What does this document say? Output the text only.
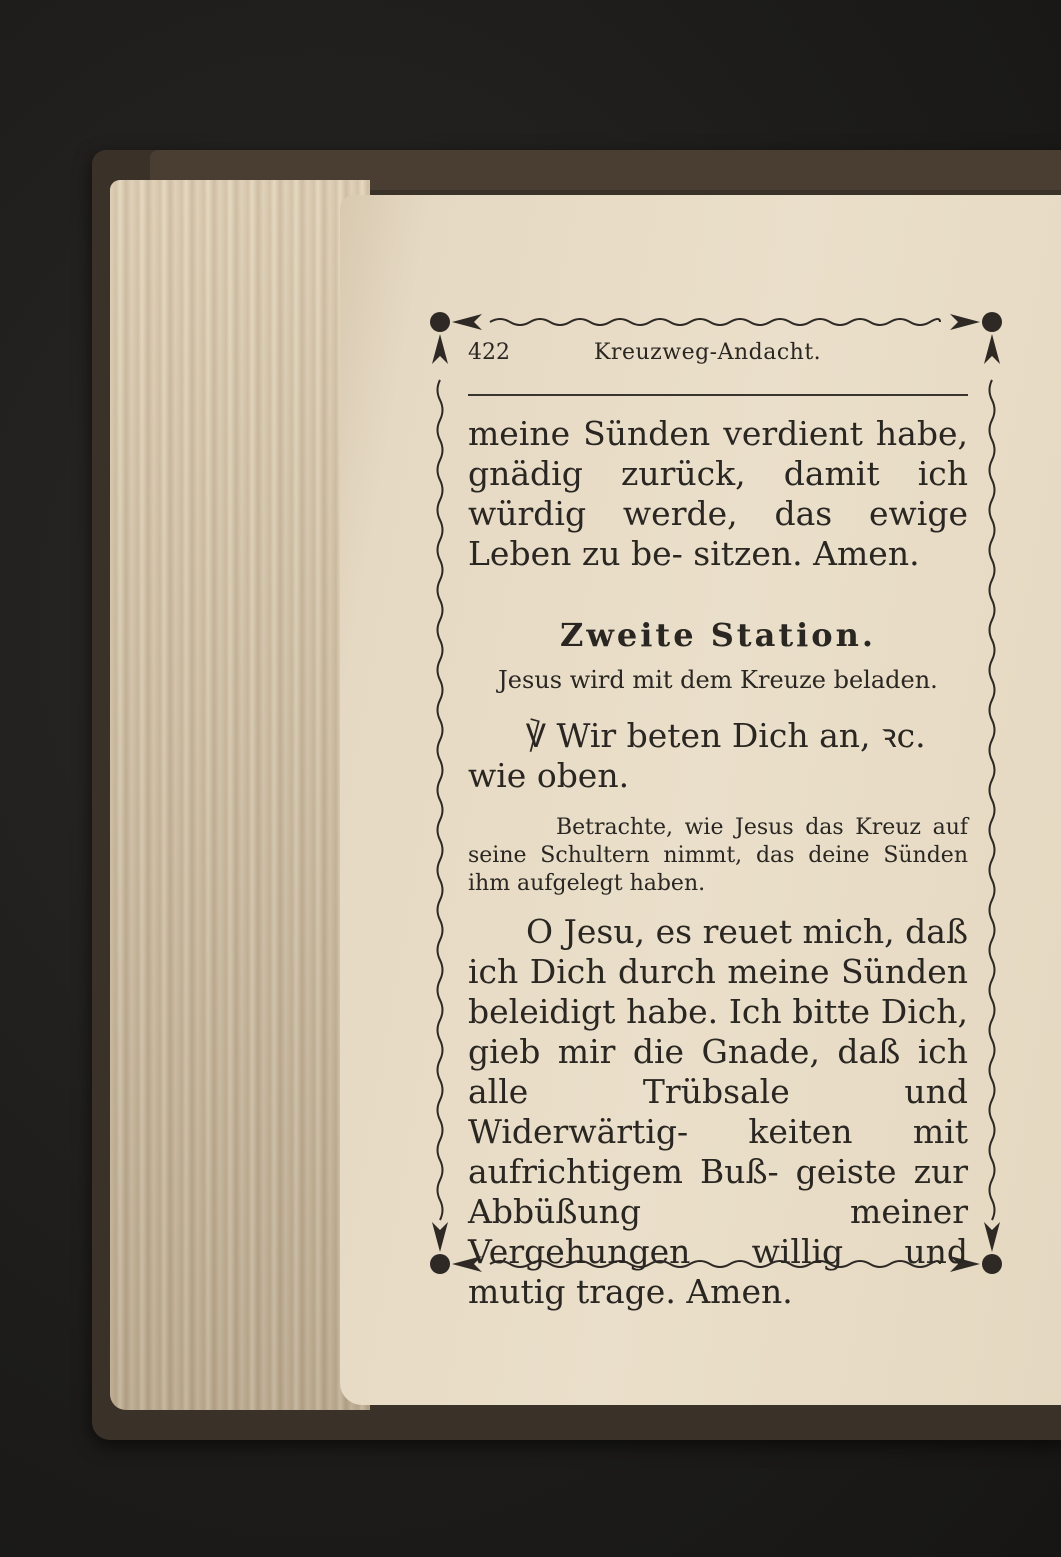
422	Kreuzweg-Andacht.

meine Sünden verdient habe, gnädig zurück, damit ich würdig werde, das ewige Leben zu be- sitzen. Amen.

Zweite Station.
Jesus wird mit dem Kreuze beladen.

℣ Wir beten Dich an, ꝛc. wie oben.

Betrachte, wie Jesus das Kreuz auf seine Schultern nimmt, das deine Sünden ihm aufgelegt haben.

O Jesu, es reuet mich, daß ich Dich durch meine Sünden beleidigt habe. Ich bitte Dich, gieb mir die Gnade, daß ich alle Trübsale und Widerwärtig- keiten mit aufrichtigem Buß- geiste zur Abbüßung meiner Vergehungen willig und mutig trage. Amen.
